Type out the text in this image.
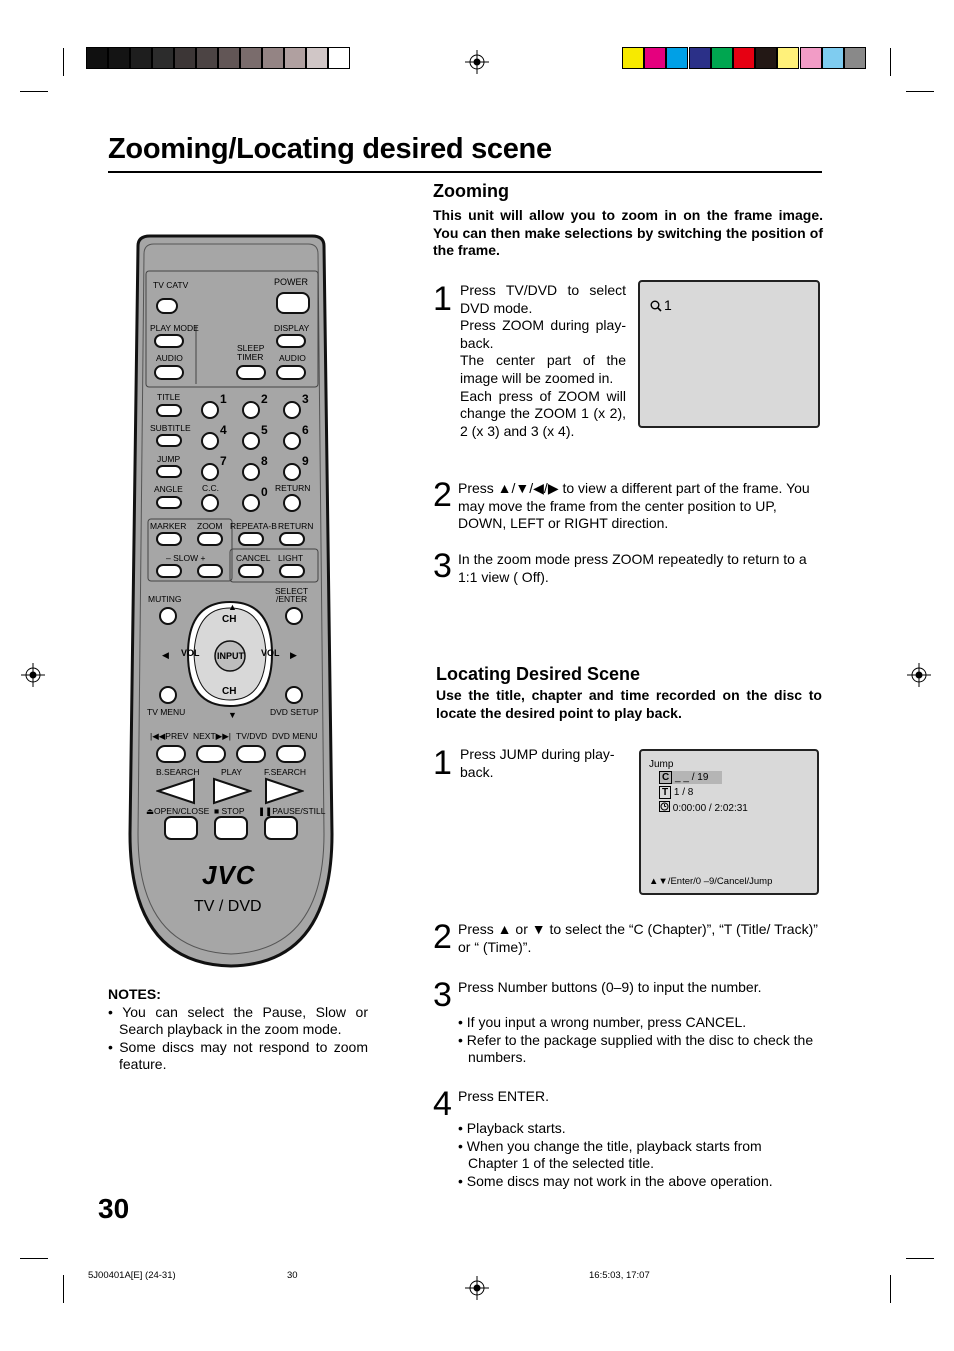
Zooming/Locating desired scene
TV CATV	POWER
PLAY MODE	DISPLAY
AUDIO
SLEEP
TIMER AUDIO
TITLE
SUBTITLE
JUMP
ANGLE
1	2	3
4	5	6
7	8	9
C.C.	0 RETURN
MARKER ZOOM REPEATA-B RETURN
– SLOW +	CANCEL LIGHT
MUTING
SELECT
/ENTER
CH
CH
VOL	VOL
INPUT
▲
▼
◀	▶
TV MENU	DVD SETUP
|◀◀PREV NEXT▶▶| TV/DVD DVD MENU
B.SEARCH	PLAY	F.SEARCH
⏏OPEN/CLOSE ■ STOP ❚❚PAUSE/STILL
JVC
TV / DVD
Zooming
This unit will allow you to zoom in on the frame image. You can then make selections by switching the position of the frame.
1 Press TV/DVD to select DVD mode.
Press ZOOM during play-back.
The center part of the image will be zoomed in.
Each press of ZOOM will change the ZOOM 1 (x 2), 2 (x 3) and 3 (x 4).
1
2 Press ▲/▼/◀/▶ to view a different part of the frame. You may move the frame from the center position to UP, DOWN, LEFT or RIGHT direction.
3 In the zoom mode press ZOOM repeatedly to return to a 1:1 view ( Off).
Locating Desired Scene
Use the title, chapter and time recorded on the disc to locate the desired point to play back.
1 Press JUMP during play-back.	Jump
C _ _ / 19
T 1 / 8
0:00:00 / 2:02:31
▲▼/Enter/0 –9/Cancel/Jump
2 Press ▲ or ▼ to select the “C (Chapter)”, “T (Title/ Track)” or “ (Time)”.
3 Press Number buttons (0–9) to input the number.
• If you input a wrong number, press CANCEL.
• Refer to the package supplied with the disc to check the numbers.
4 Press ENTER.
• Playback starts.
• When you change the title, playback starts from Chapter 1 of the selected title.
• Some discs may not work in the above operation.
NOTES:
• You can select the Pause, Slow or Search playback in the zoom mode.
• Some discs may not respond to zoom feature.
30
5J00401A[E] (24-31)	30	16:5:03, 17:07
